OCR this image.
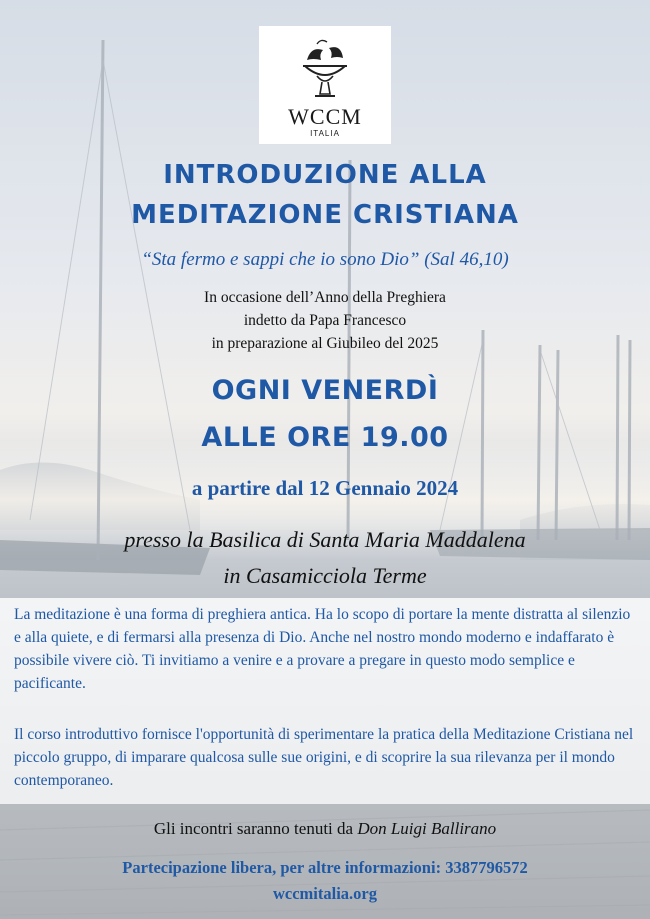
WCCM
ITALIA
INTRODUZIONE ALLA
MEDITAZIONE CRISTIANA
“Sta fermo e sappi che io sono Dio” (Sal 46,10)
In occasione dell’Anno della Preghiera
indetto da Papa Francesco
in preparazione al Giubileo del 2025
OGNI VENERDÌ
ALLE ORE 19.00
a partire dal 12 Gennaio 2024
presso la Basilica di Santa Maria Maddalena
in Casamicciola Terme
La meditazione è una forma di preghiera antica. Ha lo scopo di portare la mente distratta al silenzio e alla quiete, e di fermarsi alla presenza di Dio. Anche nel nostro mondo moderno e indaffarato è possibile vivere ciò. Ti invitiamo a venire e a provare a pregare in questo modo semplice e pacificante.
Il corso introduttivo fornisce l'opportunità di sperimentare la pratica della Meditazione Cristiana nel piccolo gruppo, di imparare qualcosa sulle sue origini, e di scoprire la sua rilevanza per il mondo contemporaneo.
Gli incontri saranno tenuti da Don Luigi Ballirano
Partecipazione libera, per altre informazioni: 3387796572
wccmitalia.org
